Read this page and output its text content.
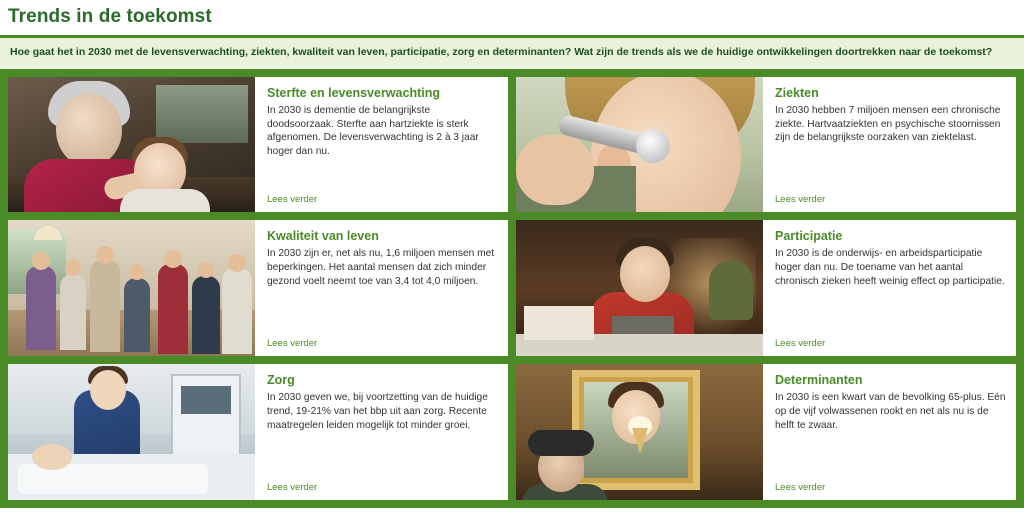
Trends in de toekomst

Hoe gaat het in 2030 met de levensverwachting, ziekten, kwaliteit van leven, participatie, zorg en determinanten? Wat zijn de trends als we de huidige ontwikkelingen doortrekken naar de toekomst?

Sterfte en levensverwachting

In 2030 is dementie de belangrijkste doodsoorzaak. Sterfte aan hartziekte is sterk afgenomen. De levensverwachting is 2 à 3 jaar hoger dan nu.

Lees verder
Ziekten

In 2030 hebben 7 miljoen mensen een chronische ziekte. Hartvaatziekten en psychische stoornissen zijn de belangrijkste oorzaken van ziektelast.

Lees verder
Kwaliteit van leven

In 2030 zijn er, net als nu, 1,6 miljoen mensen met beperkingen. Het aantal mensen dat zich minder gezond voelt neemt toe van 3,4 tot 4,0 miljoen.

Lees verder
Participatie

In 2030 is de onderwijs- en arbeidsparticipatie hoger dan nu. De toename van het aantal chronisch zieken heeft weinig effect op participatie.

Lees verder
Zorg

In 2030 geven we, bij voortzetting van de huidige trend, 19-21% van het bbp uit aan zorg. Recente maatregelen leiden mogelijk tot minder groei.

Lees verder
Determinanten

In 2030 is een kwart van de bevolking 65-plus. Eén op de vijf volwassenen rookt en net als nu is de helft te zwaar.

Lees verder
